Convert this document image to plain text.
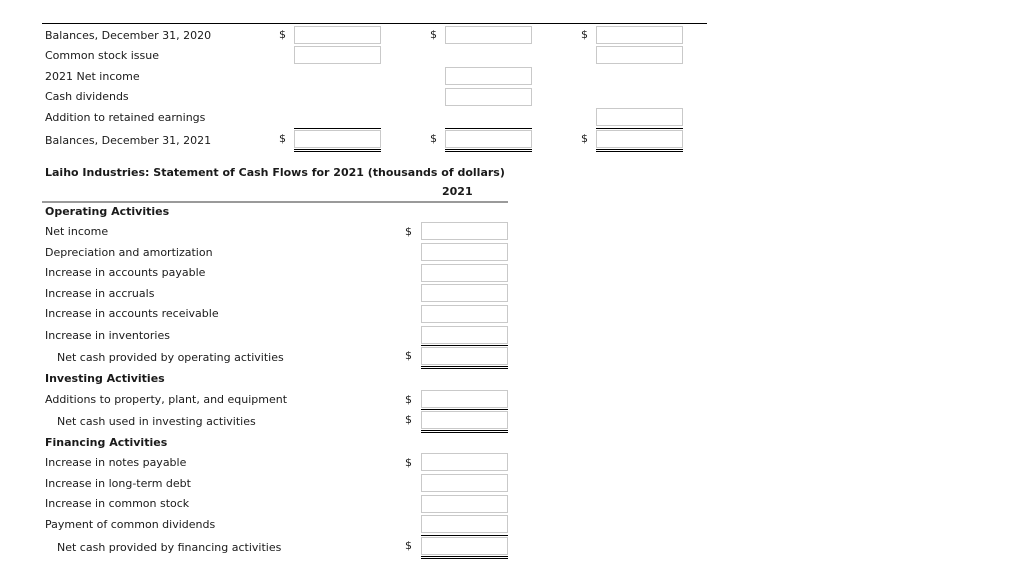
Balances, December 31, 2020	$	$	$
Common stock issue
2021 Net income
Cash dividends
Addition to retained earnings
Balances, December 31, 2021	$	$	$
Laiho Industries: Statement of Cash Flows for 2021 (thousands of dollars)
2021
Operating Activities
Net income	$
Depreciation and amortization
Increase in accounts payable
Increase in accruals
Increase in accounts receivable
Increase in inventories
Net cash provided by operating activities	$
Investing Activities
Additions to property, plant, and equipment	$
Net cash used in investing activities	$
Financing Activities
Increase in notes payable	$
Increase in long-term debt
Increase in common stock
Payment of common dividends
Net cash provided by financing activities	$
